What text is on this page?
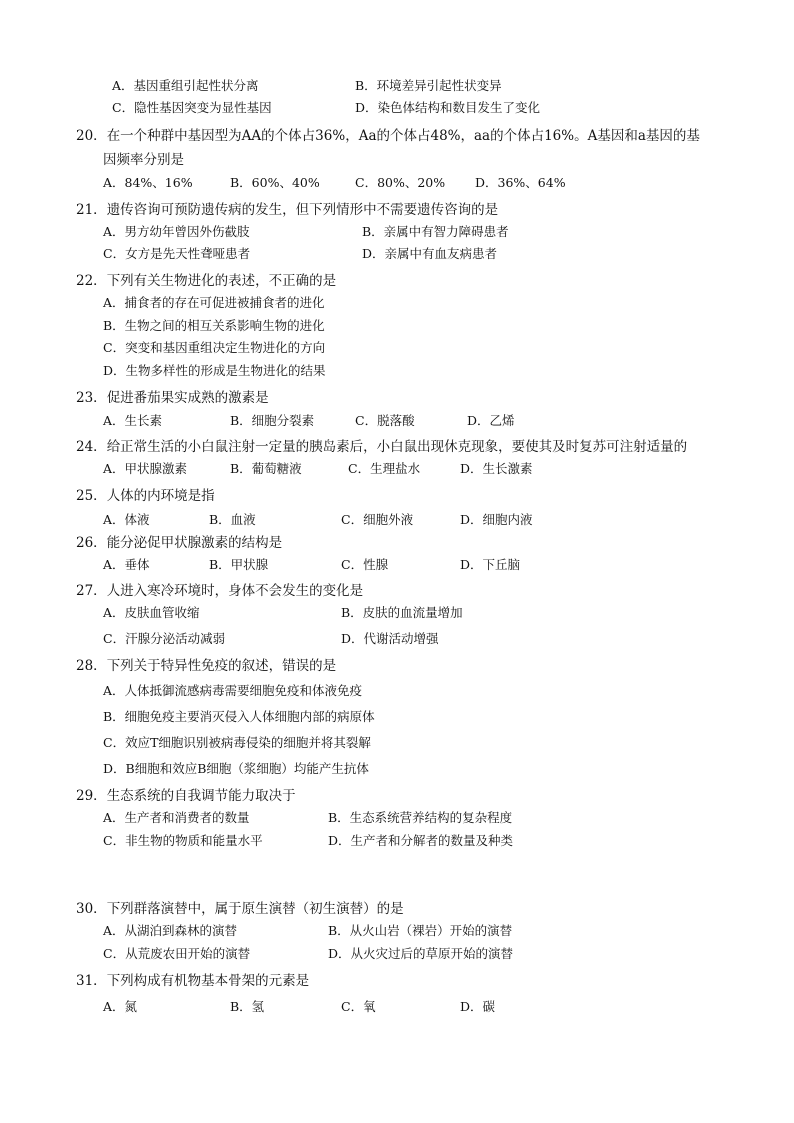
A．基因重组引起性状分离	B．环境差异引起性状变异
C．隐性基因突变为显性基因	D．染色体结构和数目发生了变化
20．在一个种群中基因型为AA的个体占36%，Aa的个体占48%，aa的个体占16%。A基因和a基因的基
因频率分别是
A．84%、16%	B．60%、40%	C．80%、20% D．36%、64%
21．遗传咨询可预防遗传病的发生，但下列情形中不需要遗传咨询的是
A．男方幼年曾因外伤截肢	B．亲属中有智力障碍患者
C．女方是先天性聋哑患者	D．亲属中有血友病患者
22．下列有关生物进化的表述，不正确的是
A．捕食者的存在可促进被捕食者的进化
B．生物之间的相互关系影响生物的进化
C．突变和基因重组决定生物进化的方向
D．生物多样性的形成是生物进化的结果
23．促进番茄果实成熟的激素是
A．生长素	B．细胞分裂素	C．脱落酸	D．乙烯
24．给正常生活的小白鼠注射一定量的胰岛素后，小白鼠出现休克现象，要使其及时复苏可注射适量的
A．甲状腺激素	B．葡萄糖液	C．生理盐水	D．生长激素
25．人体的内环境是指
A．体液	B．血液	C．细胞外液	D．细胞内液
26．能分泌促甲状腺激素的结构是
A．垂体	B．甲状腺	C．性腺	D．下丘脑
27．人进入寒冷环境时，身体不会发生的变化是
A．皮肤血管收缩	B．皮肤的血流量增加
C．汗腺分泌活动减弱	D．代谢活动增强
28．下列关于特异性免疫的叙述，错误的是
A．人体抵御流感病毒需要细胞免疫和体液免疫
B．细胞免疫主要消灭侵入人体细胞内部的病原体
C．效应T细胞识别被病毒侵染的细胞并将其裂解
D．B细胞和效应B细胞（浆细胞）均能产生抗体
29．生态系统的自我调节能力取决于
A．生产者和消费者的数量	B．生态系统营养结构的复杂程度
C．非生物的物质和能量水平	D．生产者和分解者的数量及种类
30．下列群落演替中，属于原生演替（初生演替）的是
A．从湖泊到森林的演替	B．从火山岩（裸岩）开始的演替
C．从荒废农田开始的演替	D．从火灾过后的草原开始的演替
31．下列构成有机物基本骨架的元素是
A．氮	B．氢	C．氧	D．碳
